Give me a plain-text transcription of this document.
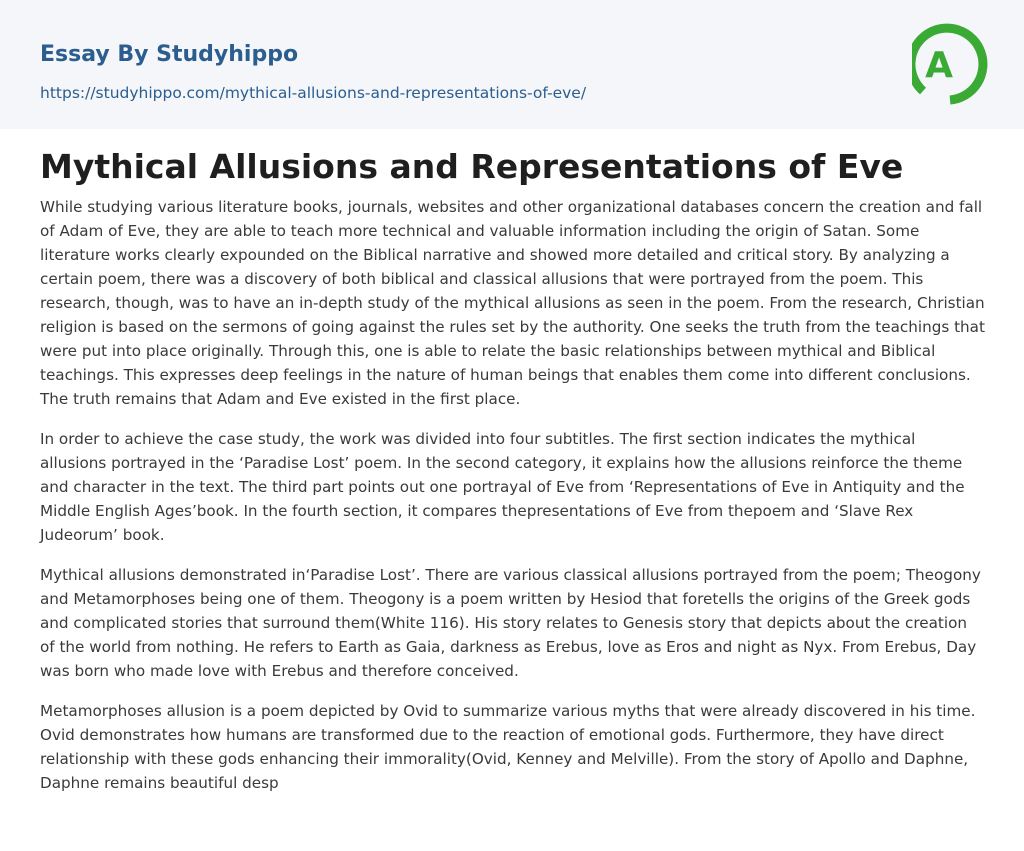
Essay By Studyhippo
https://studyhippo.com/mythical-allusions-and-representations-of-eve/
A
Mythical Allusions and Representations of Eve

While studying various literature books, journals, websites and other organizational databases concern the creation and fall of Adam of Eve, they are able to teach more technical and valuable information including the origin of Satan. Some literature works clearly expounded on the Biblical narrative and showed more detailed and critical story. By analyzing a certain poem, there was a discovery of both biblical and classical allusions that were portrayed from the poem. This research, though, was to have an in-depth study of the mythical allusions as seen in the poem. From the research, Christian religion is based on the sermons of going against the rules set by the authority. One seeks the truth from the teachings that were put into place originally. Through this, one is able to relate the basic relationships between mythical and Biblical teachings. This expresses deep feelings in the nature of human beings that enables them come into different conclusions. The truth remains that Adam and Eve existed in the first place.

In order to achieve the case study, the work was divided into four subtitles. The first section indicates the mythical allusions portrayed in the ‘Paradise Lost’ poem. In the second category, it explains how the allusions reinforce the theme and character in the text. The third part points out one portrayal of Eve from ‘Representations of Eve in Antiquity and the Middle English Ages’book. In the fourth section, it compares thepresentations of Eve from thepoem and ‘Slave Rex Judeorum’ book.

Mythical allusions demonstrated in‘Paradise Lost’. There are various classical allusions portrayed from the poem; Theogony and Metamorphoses being one of them. Theogony is a poem written by Hesiod that foretells the origins of the Greek gods and complicated stories that surround them(White 116). His story relates to Genesis story that depicts about the creation of the world from nothing. He refers to Earth as Gaia, darkness as Erebus, love as Eros and night as Nyx. From Erebus, Day was born who made love with Erebus and therefore conceived.

Metamorphoses allusion is a poem depicted by Ovid to summarize various myths that were already discovered in his time. Ovid demonstrates how humans are transformed due to the reaction of emotional gods. Furthermore, they have direct relationship with these gods enhancing their immorality(Ovid, Kenney and Melville). From the story of Apollo and Daphne, Daphne remains beautiful desp
